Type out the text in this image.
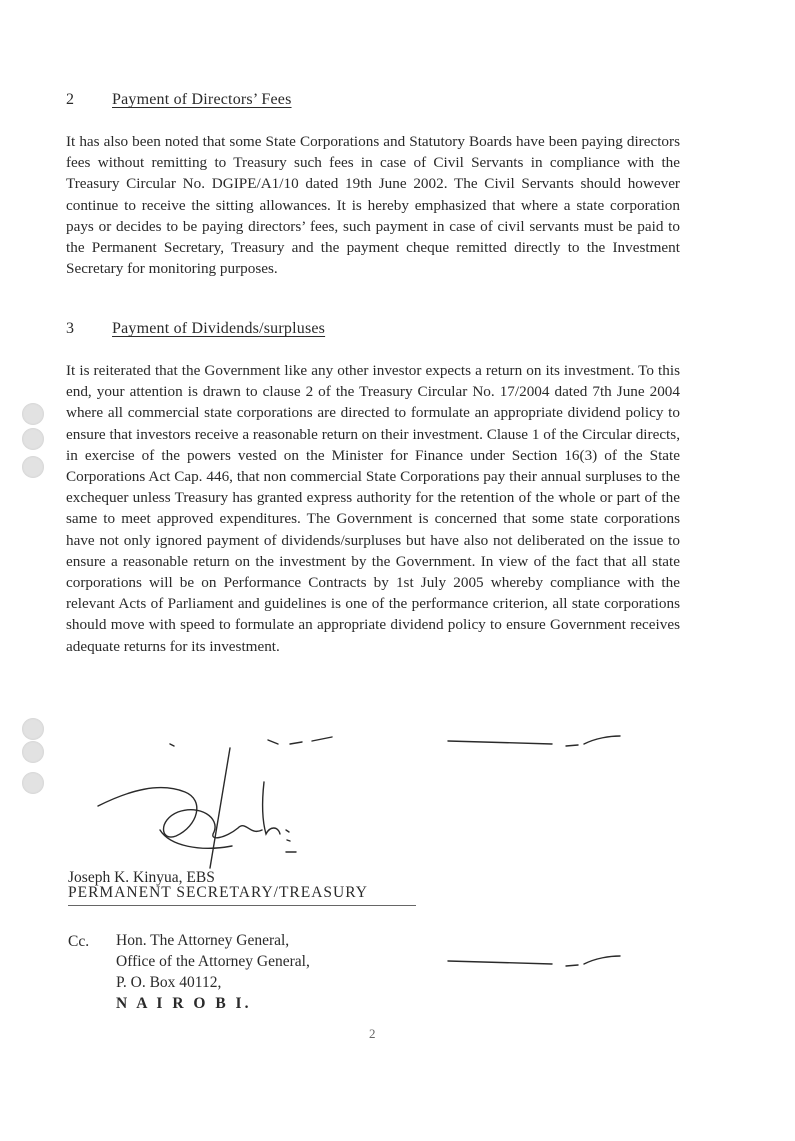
2 Payment of Directors’ Fees

It has also been noted that some State Corporations and Statutory Boards have been paying directors fees without remitting to Treasury such fees in case of Civil Servants in compliance with the Treasury Circular No. DGIPE/A1/10 dated 19th June 2002. The Civil Servants should however continue to receive the sitting allowances. It is hereby emphasized that where a state corporation pays or decides to be paying directors’ fees, such payment in case of civil servants must be paid to the Permanent Secretary, Treasury and the payment cheque remitted directly to the Investment Secretary for monitoring purposes.

3 Payment of Dividends/surpluses

It is reiterated that the Government like any other investor expects a return on its investment. To this end, your attention is drawn to clause 2 of the Treasury Circular No. 17/2004 dated 7th June 2004 where all commercial state corporations are directed to formulate an appropriate dividend policy to ensure that investors receive a reasonable return on their investment. Clause 1 of the Circular directs, in exercise of the powers vested on the Minister for Finance under Section 16(3) of the State Corporations Act Cap. 446, that non commercial State Corporations pay their annual surpluses to the exchequer unless Treasury has granted express authority for the retention of the whole or part of the same to meet approved expenditures. The Government is concerned that some state corporations have not only ignored payment of dividends/surpluses but have also not deliberated on the issue to ensure a reasonable return on the investment by the Government. In view of the fact that all state corporations will be on Performance Contracts by 1st July 2005 whereby compliance with the relevant Acts of Parliament and guidelines is one of the performance criterion, all state corporations should move with speed to formulate an appropriate dividend policy to ensure Government receives adequate returns for its investment.

Joseph K. Kinyua, EBS
PERMANENT SECRETARY/TREASURY
Cc. Hon. The Attorney General,
Office of the Attorney General,
P. O. Box 40112,
N A I R O B I.
2
